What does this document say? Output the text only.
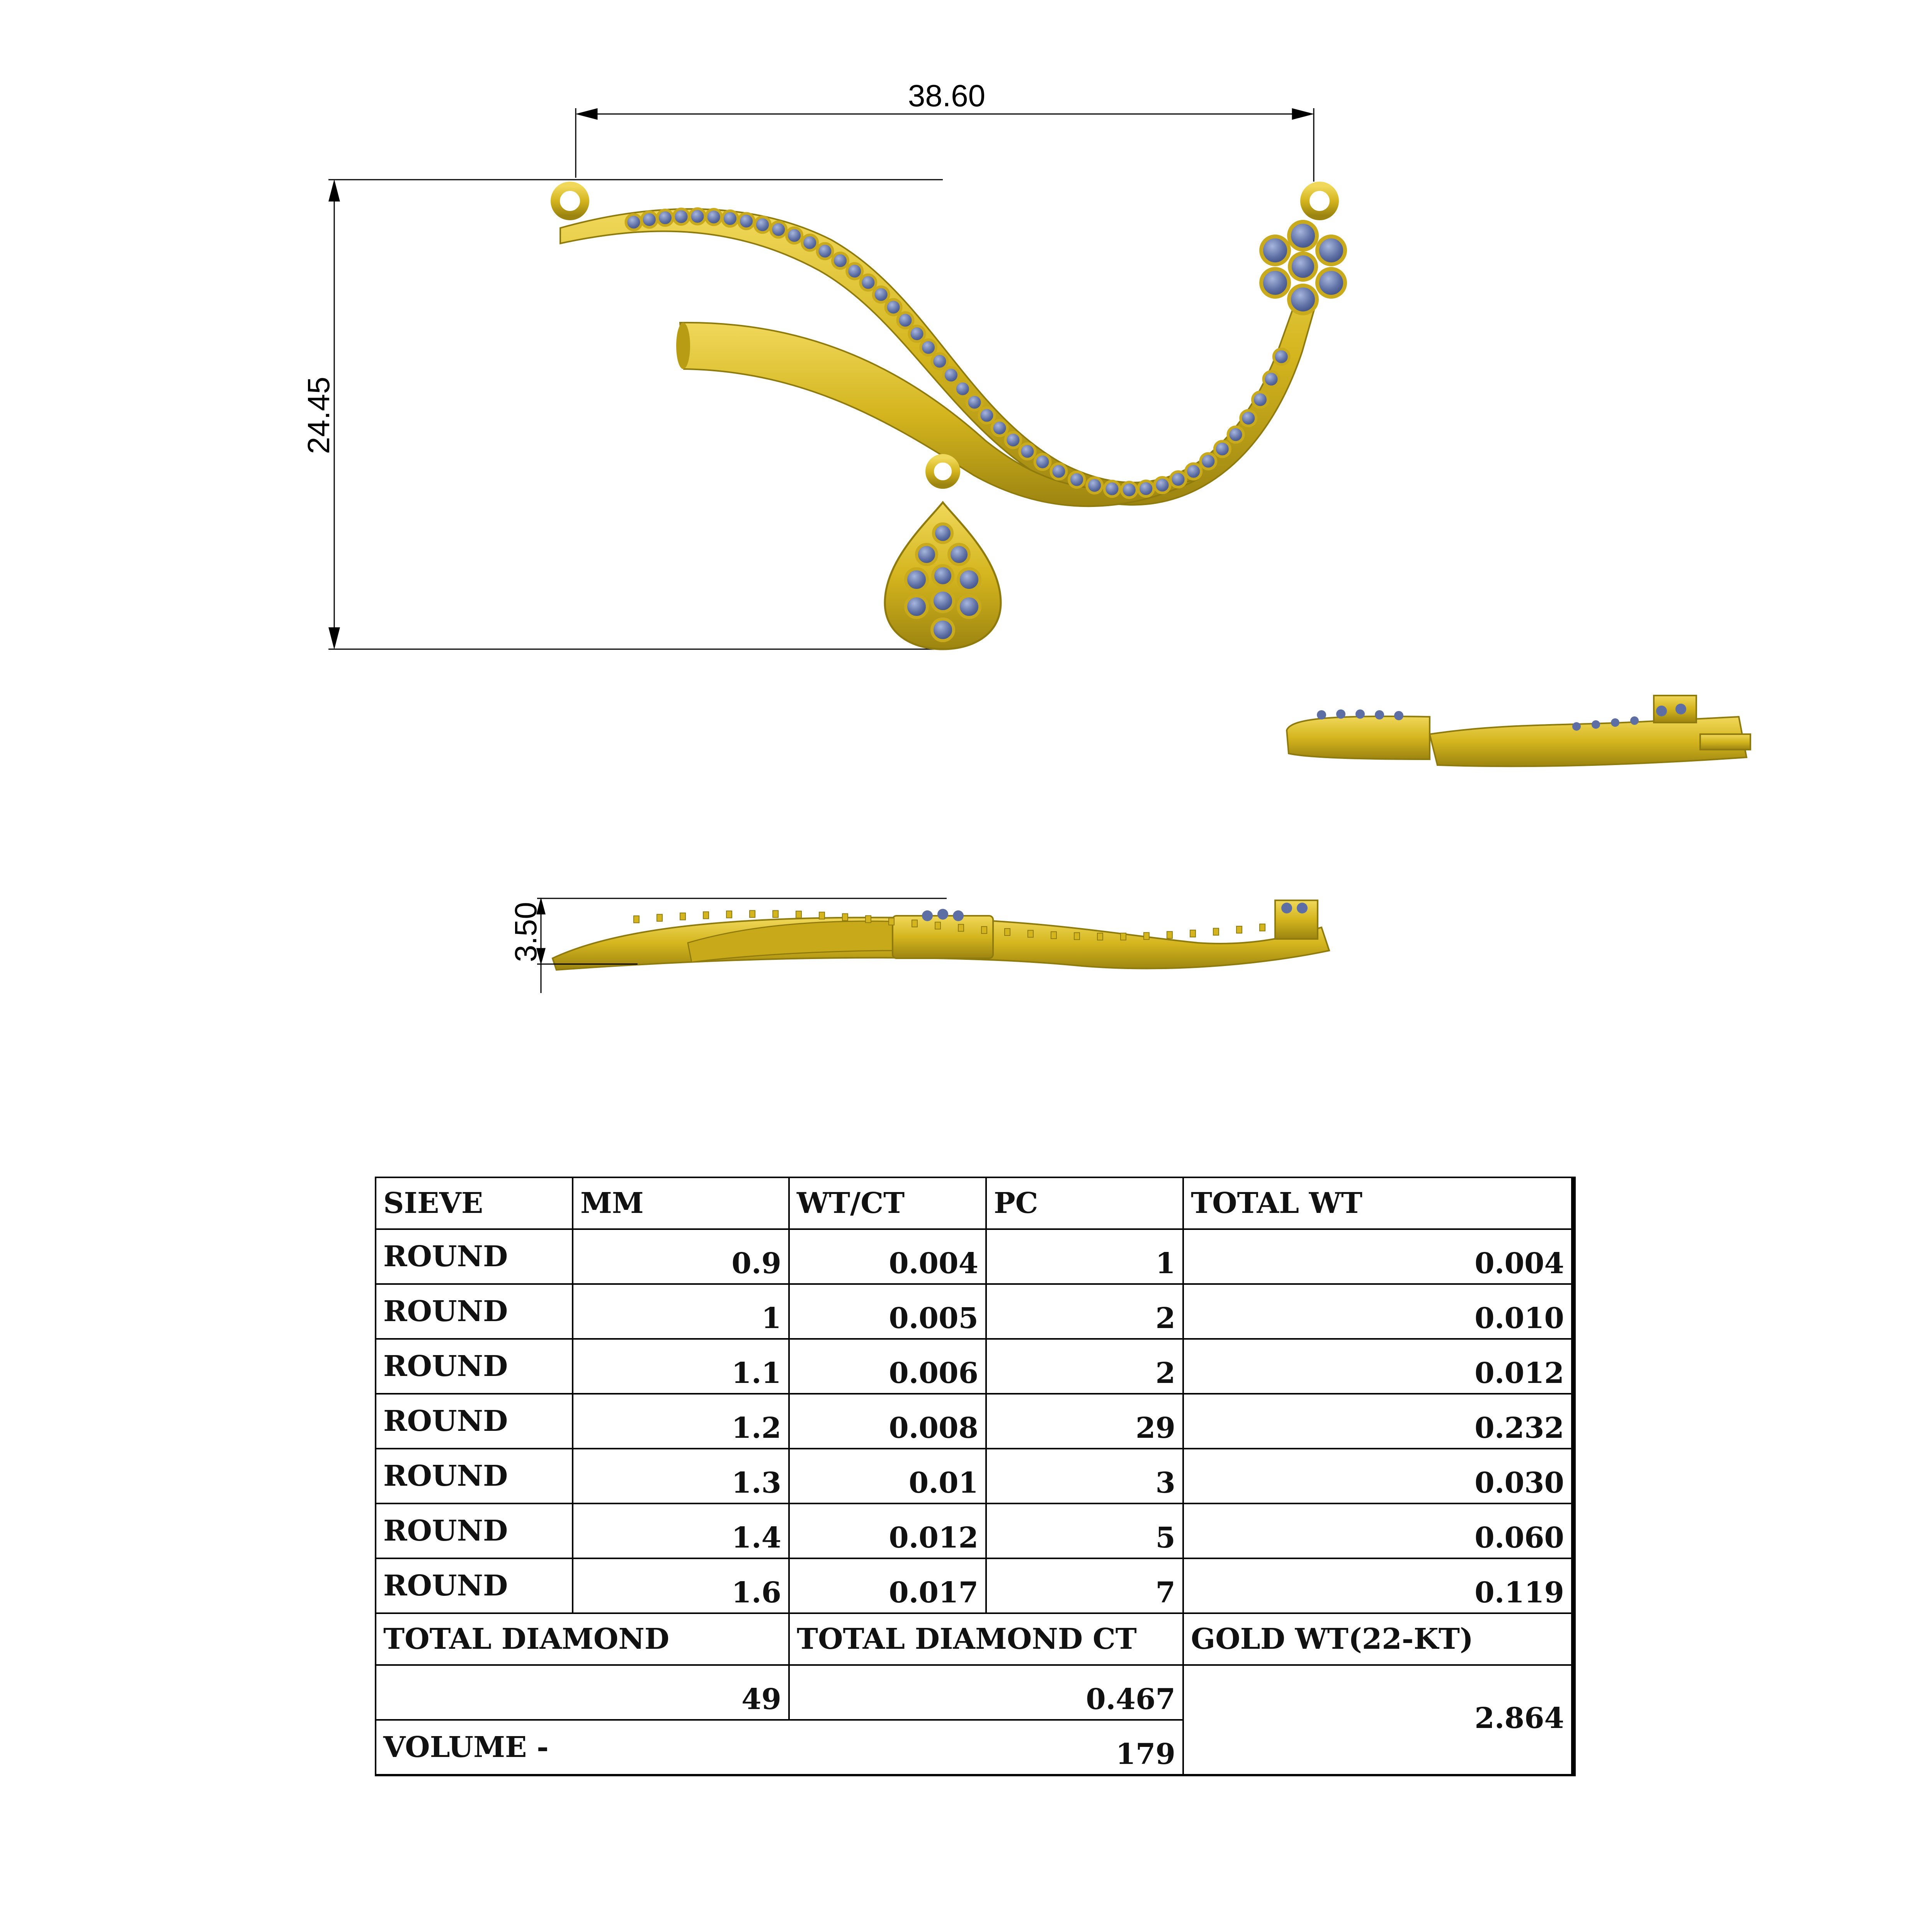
38.60
24.45
3.50
SIEVE	MM	WT/CT	PC	TOTAL WT
ROUND	0.9	0.004	1	0.004
ROUND	1	0.005	2	0.010
ROUND	1.1	0.006	2	0.012
ROUND	1.2	0.008	29	0.232
ROUND	1.3	0.01	3	0.030
ROUND	1.4	0.012	5	0.060
ROUND	1.6	0.017	7	0.119
TOTAL DIAMOND		TOTAL DIAMOND CT		GOLD WT(22-KT)
49		0.467		2.864
VOLUME -		179		
